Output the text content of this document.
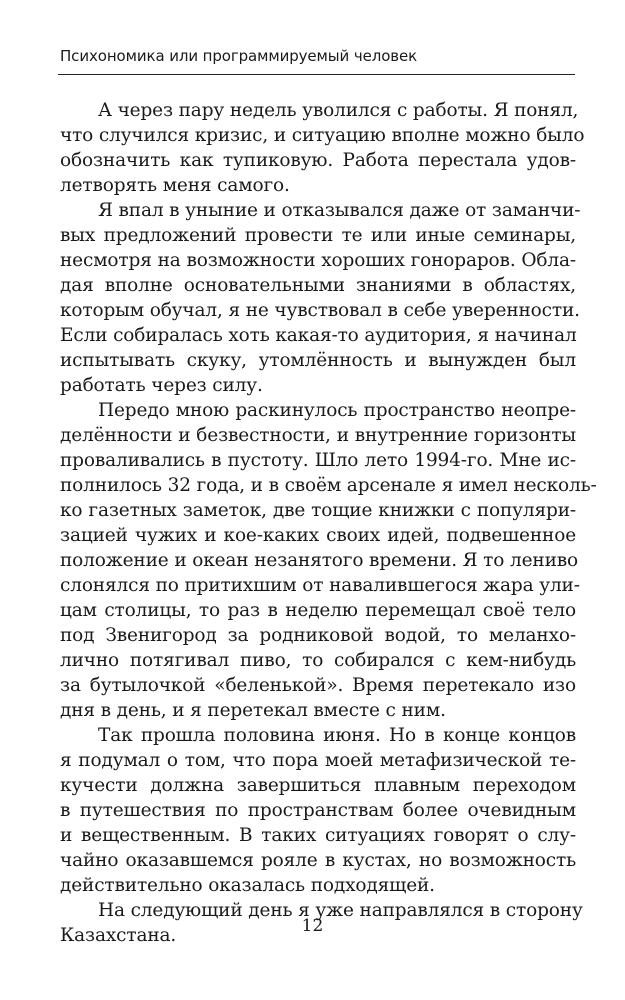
Психономика или программируемый человек
А через пару недель уволился с работы. Я понял,
что случился кризис, и ситуацию вполне можно было
обозначить как тупиковую. Работа перестала удов-
летворять меня самого.
Я впал в уныние и отказывался даже от заманчи-
вых предложений провести те или иные семинары,
несмотря на возможности хороших гонораров. Обла-
дая вполне основательными знаниями в областях,
которым обучал, я не чувствовал в себе уверенности.
Если собиралась хоть какая-то аудитория, я начинал
испытывать скуку, утомлённость и вынужден был
работать через силу.
Передо мною раскинулось пространство неопре-
делённости и безвестности, и внутренние горизонты
проваливались в пустоту. Шло лето 1994-го. Мне ис-
полнилось 32 года, и в своём арсенале я имел несколь-
ко газетных заметок, две тощие книжки с популяри-
зацией чужих и кое-каких своих идей, подвешенное
положение и океан незанятого времени. Я то лениво
слонялся по притихшим от навалившегося жара ули-
цам столицы, то раз в неделю перемещал своё тело
под Звенигород за родниковой водой, то меланхо-
лично потягивал пиво, то собирался с кем-нибудь
за бутылочкой «беленькой». Время перетекало изо
дня в день, и я перетекал вместе с ним.
Так прошла половина июня. Но в конце концов
я подумал о том, что пора моей метафизической те-
кучести должна завершиться плавным переходом
в путешествия по пространствам более очевидным
и вещественным. В таких ситуациях говорят о слу-
чайно оказавшемся рояле в кустах, но возможность
действительно оказалась подходящей.
На следующий день я уже направлялся в сторону
Казахстана.	12
